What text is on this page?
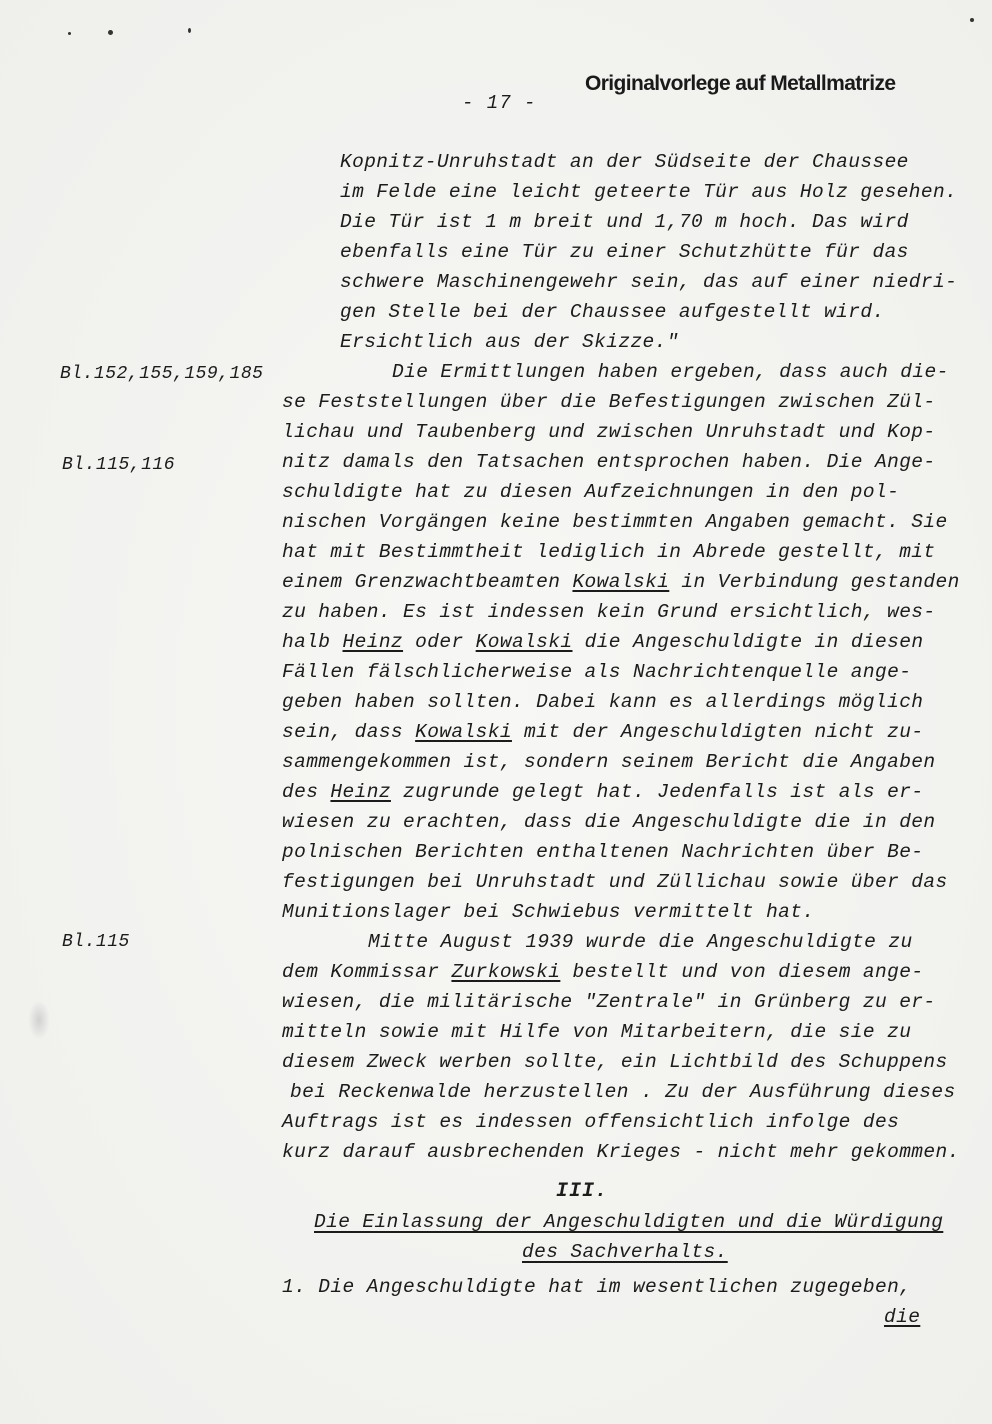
Originalvorlege auf Metallmatrize
- 17 -
Bl.152,155,159,185
Bl.115,116
Bl.115
Kopnitz-Unruhstadt an der Südseite der Chaussee
im Felde eine leicht geteerte Tür aus Holz gesehen.
Die Tür ist 1 m breit und 1,70 m hoch. Das wird
ebenfalls eine Tür zu einer Schutzhütte für das
schwere Maschinengewehr sein, das auf einer niedri-
gen Stelle bei der Chaussee aufgestellt wird.
Ersichtlich aus der Skizze."
Die Ermittlungen haben ergeben, dass auch die-
se Feststellungen über die Befestigungen zwischen Zül-
lichau und Taubenberg und zwischen Unruhstadt und Kop-
nitz damals den Tatsachen entsprochen haben. Die Ange-
schuldigte hat zu diesen Aufzeichnungen in den pol-
nischen Vorgängen keine bestimmten Angaben gemacht. Sie
hat mit Bestimmtheit lediglich in Abrede gestellt, mit
einem Grenzwachtbeamten Kowalski in Verbindung gestanden
zu haben. Es ist indessen kein Grund ersichtlich, wes-
halb Heinz oder Kowalski die Angeschuldigte in diesen
Fällen fälschlicherweise als Nachrichtenquelle ange-
geben haben sollten. Dabei kann es allerdings möglich
sein, dass Kowalski mit der Angeschuldigten nicht zu-
sammengekommen ist, sondern seinem Bericht die Angaben
des Heinz zugrunde gelegt hat. Jedenfalls ist als er-
wiesen zu erachten, dass die Angeschuldigte die in den
polnischen Berichten enthaltenen Nachrichten über Be-
festigungen bei Unruhstadt und Züllichau sowie über das
Munitionslager bei Schwiebus vermittelt hat.
Mitte August 1939 wurde die Angeschuldigte zu
dem Kommissar Zurkowski bestellt und von diesem ange-
wiesen, die militärische "Zentrale" in Grünberg zu er-
mitteln sowie mit Hilfe von Mitarbeitern, die sie zu
diesem Zweck werben sollte, ein Lichtbild des Schuppens
bei Reckenwalde herzustellen . Zu der Ausführung dieses
Auftrags ist es indessen offensichtlich infolge des
kurz darauf ausbrechenden Krieges - nicht mehr gekommen.
III.
Die Einlassung der Angeschuldigten und die Würdigung
des Sachverhalts.
1. Die Angeschuldigte hat im wesentlichen zugegeben,
die
